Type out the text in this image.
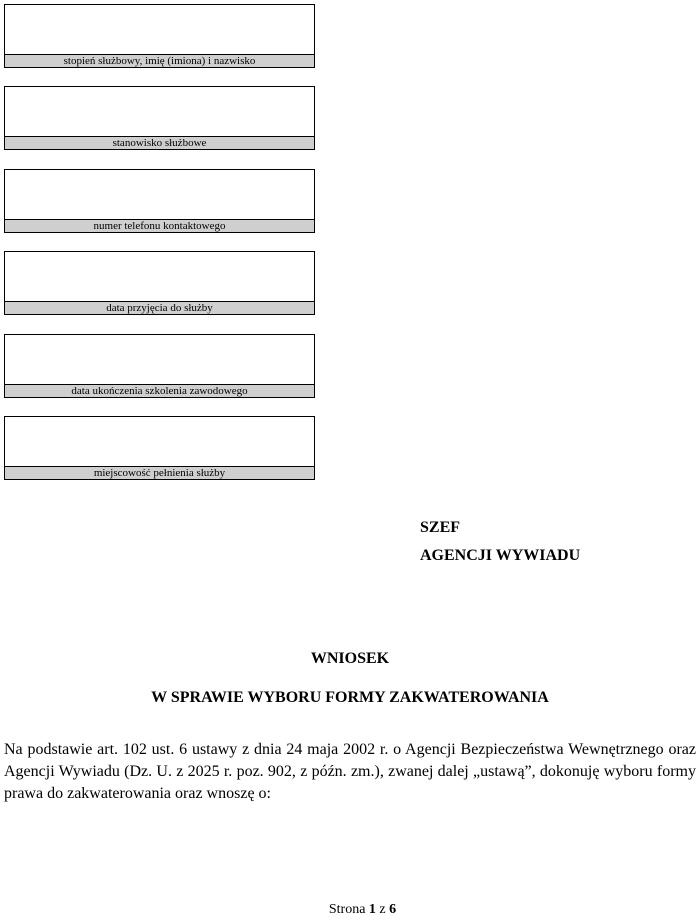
stopień służbowy, imię (imiona) i nazwisko
stanowisko służbowe
numer telefonu kontaktowego
data przyjęcia do służby
data ukończenia szkolenia zawodowego
miejscowość pełnienia służby
SZEF
AGENCJI WYWIADU
WNIOSEK
W SPRAWIE WYBORU FORMY ZAKWATEROWANIA
Na podstawie art. 102 ust. 6 ustawy z dnia 24 maja 2002 r. o Agencji Bezpieczeństwa Wewnętrznego oraz Agencji Wywiadu (Dz. U. z 2025 r. poz. 902, z późn. zm.), zwanej dalej „ustawą”, dokonuję wyboru formy prawa do zakwaterowania oraz wnoszę o:
Strona 1 z 6
